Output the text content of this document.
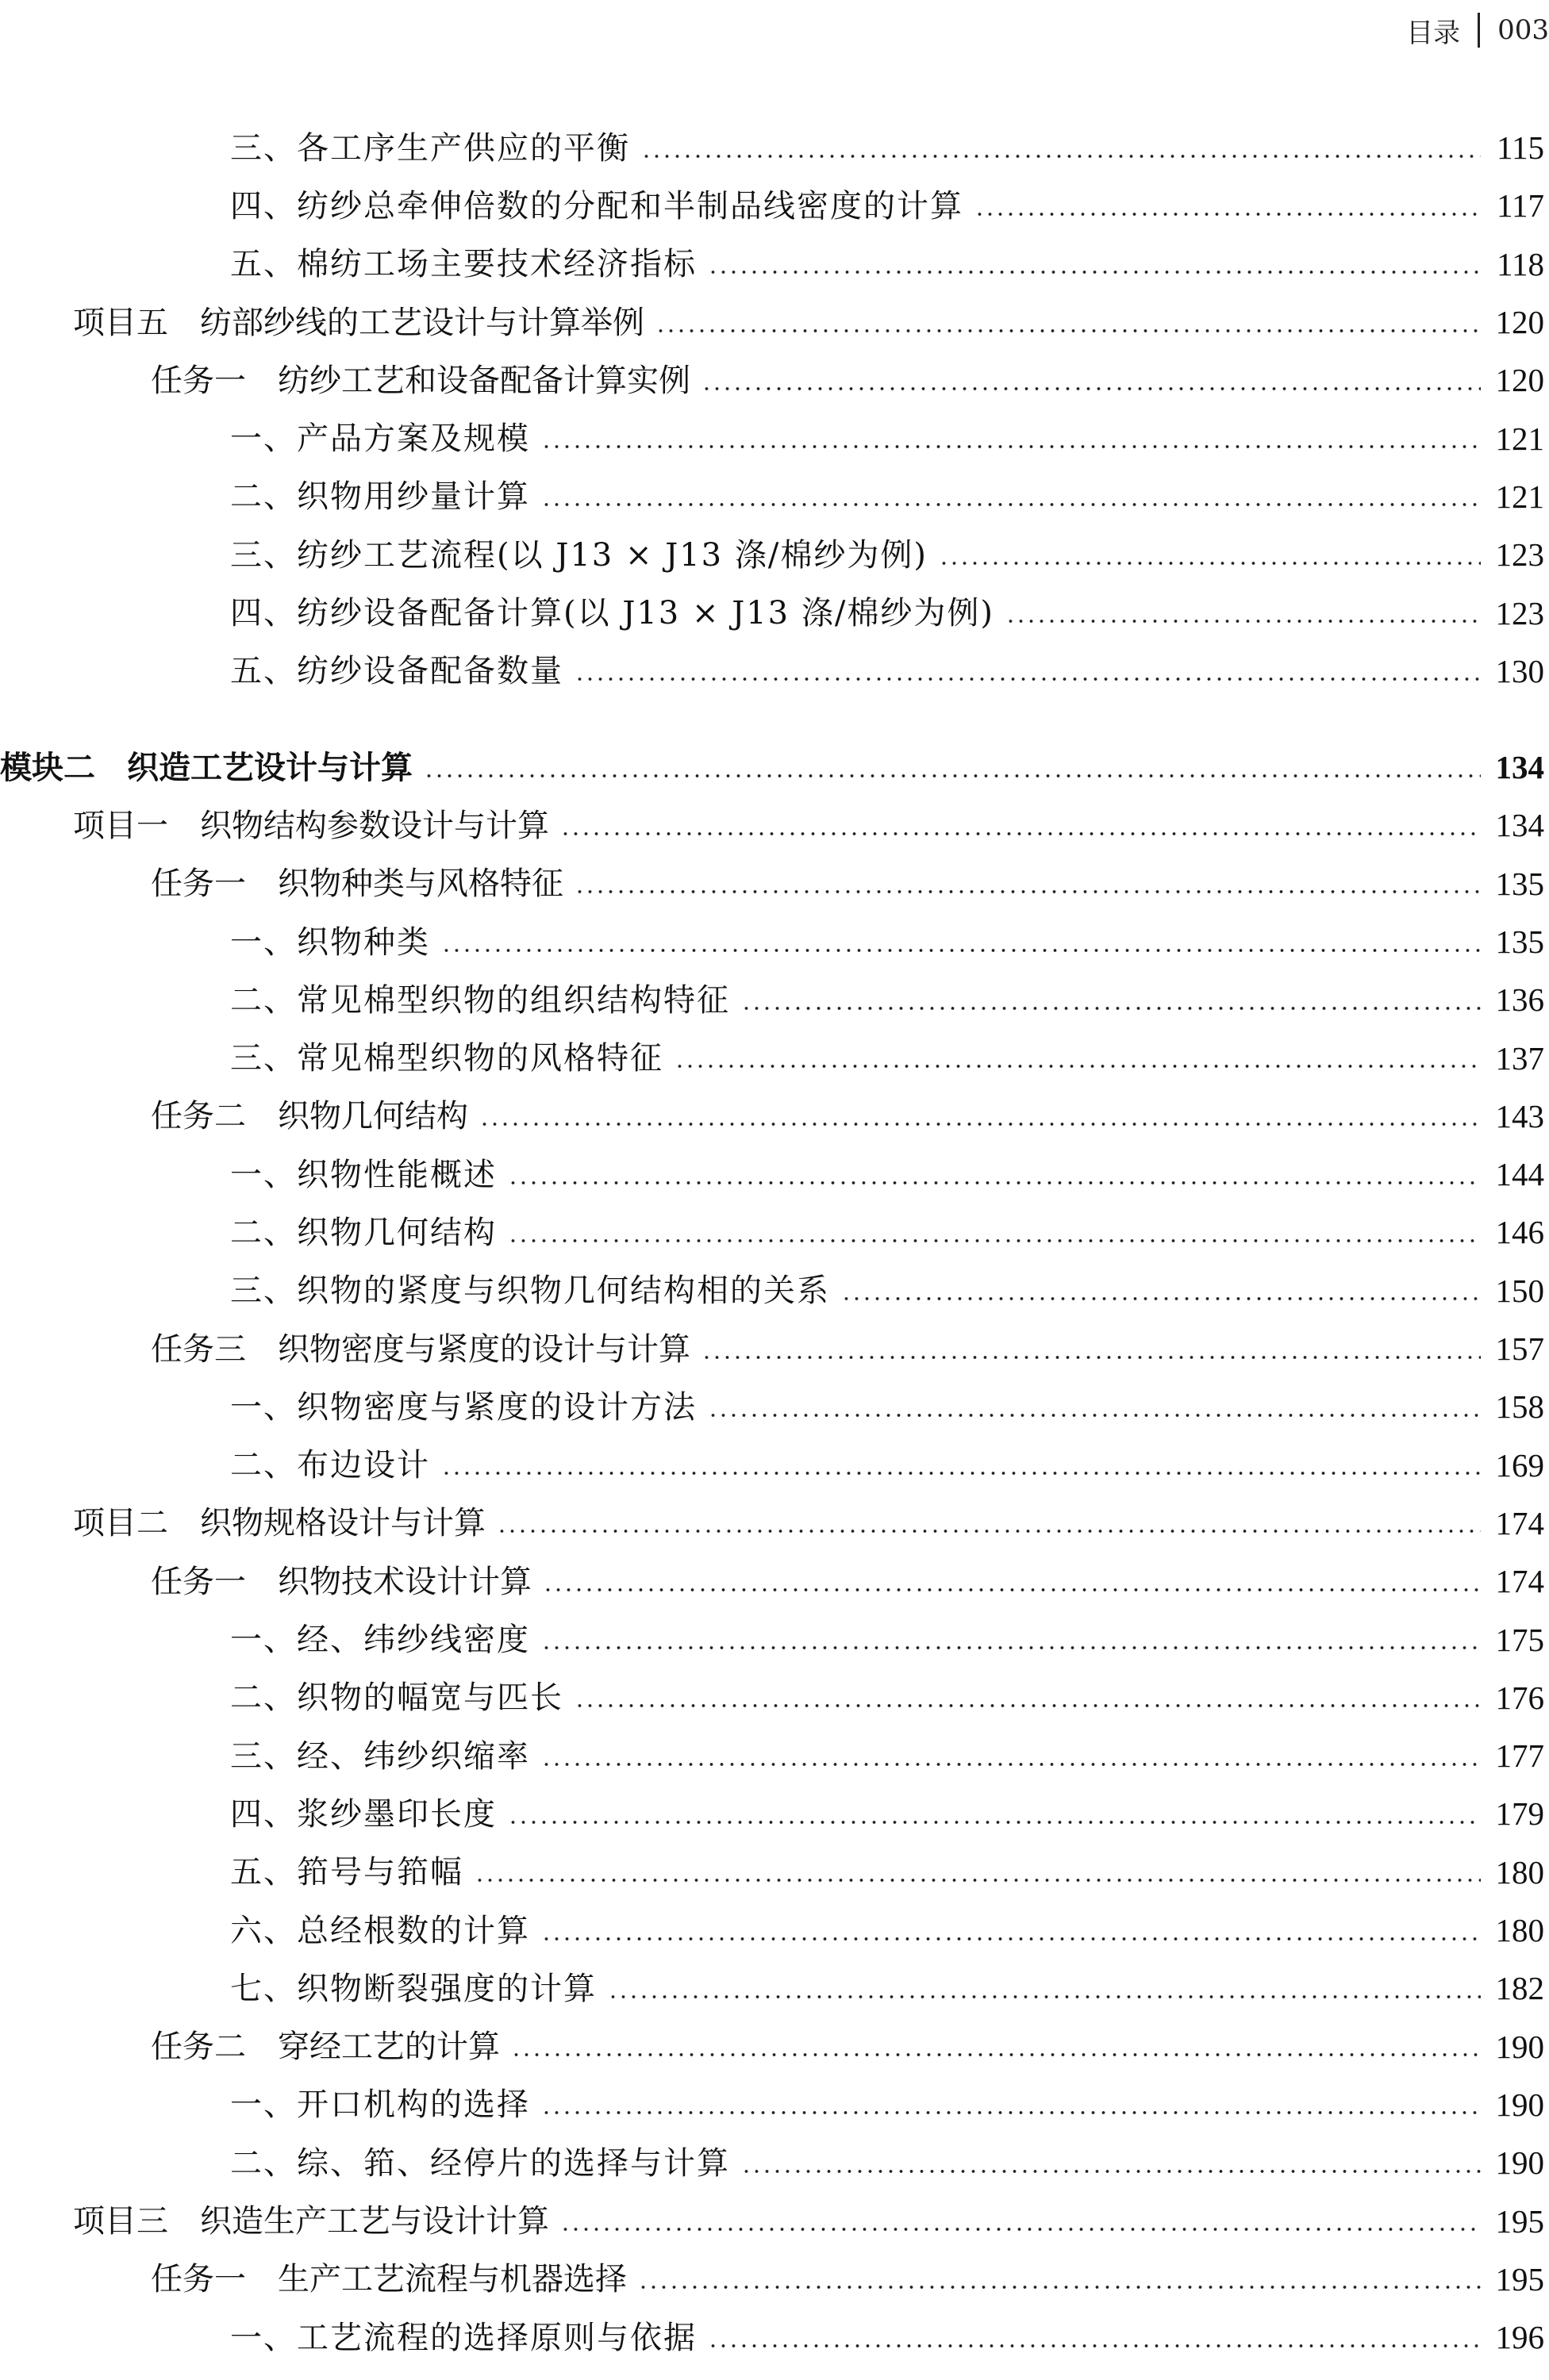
目录 003
三、各工序生产供应的平衡	115
四、纺纱总牵伸倍数的分配和半制品线密度的计算	117
五、棉纺工场主要技术经济指标	118
项目五　纺部纱线的工艺设计与计算举例	120
任务一　纺纱工艺和设备配备计算实例	120
一、产品方案及规模	121
二、织物用纱量计算	121
三、纺纱工艺流程(以 J13 × J13 涤/棉纱为例)	123
四、纺纱设备配备计算(以 J13 × J13 涤/棉纱为例)	123
五、纺纱设备配备数量	130
模块二　织造工艺设计与计算	134
项目一　织物结构参数设计与计算	134
任务一　织物种类与风格特征	135
一、织物种类	135
二、常见棉型织物的组织结构特征	136
三、常见棉型织物的风格特征	137
任务二　织物几何结构	143
一、织物性能概述	144
二、织物几何结构	146
三、织物的紧度与织物几何结构相的关系	150
任务三　织物密度与紧度的设计与计算	157
一、织物密度与紧度的设计方法	158
二、布边设计	169
项目二　织物规格设计与计算	174
任务一　织物技术设计计算	174
一、经、纬纱线密度	175
二、织物的幅宽与匹长	176
三、经、纬纱织缩率	177
四、浆纱墨印长度	179
五、筘号与筘幅	180
六、总经根数的计算	180
七、织物断裂强度的计算	182
任务二　穿经工艺的计算	190
一、开口机构的选择	190
二、综、筘、经停片的选择与计算	190
项目三　织造生产工艺与设计计算	195
任务一　生产工艺流程与机器选择	195
一、工艺流程的选择原则与依据	196
